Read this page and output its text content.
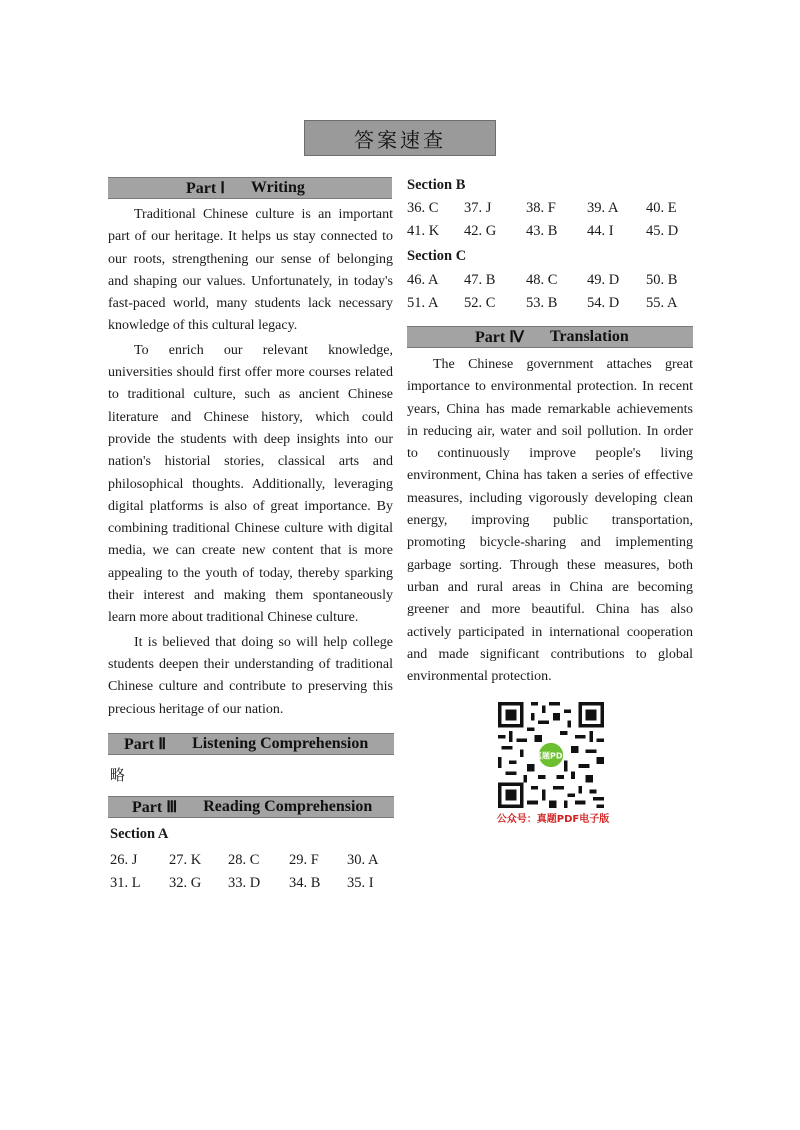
答案速查
Part Ⅰ Writing

Traditional Chinese culture is an important part of our heritage. It helps us stay connected to our roots, strengthening our sense of belonging and shaping our values. Unfortunately, in today's fast-paced world, many students lack necessary knowledge of this cultural legacy.

To enrich our relevant knowledge, universities should first offer more courses related to traditional culture, such as ancient Chinese literature and Chinese history, which could provide the students with deep insights into our nation's historial stories, classical arts and philosophical thoughts. Additionally, leveraging digital platforms is also of great importance. By combining traditional Chinese culture with digital media, we can create new content that is more appealing to the youth of today, thereby sparking their interest and making them spontaneously learn more about traditional Chinese culture.

It is believed that doing so will help college students deepen their understanding of traditional Chinese culture and contribute to preserving this precious heritage of our nation.

Part Ⅱ Listening Comprehension
略
Part Ⅲ Reading Comprehension
Section A
26. J	27. K	28. C	29. F	30. A
31. L	32. G	33. D	34. B	35. I
Section B
36. C	37. J	38. F	39. A	40. E
41. K	42. G	43. B	44. I	45. D
Section C
46. A	47. B	48. C	49. D	50. B
51. A	52. C	53. B	54. D	55. A
Part Ⅳ Translation

The Chinese government attaches great importance to environmental protection. In recent years, China has made remarkable achievements in reducing air, water and soil pollution. In order to continuously improve people's living environment, China has taken a series of effective measures, including vigorously developing clean energy, improving public transportation, promoting bicycle-sharing and implementing garbage sorting. Through these measures, both urban and rural areas in China are becoming greener and more beautiful. China has also actively participated in international cooperation and made significant contributions to global environmental protection.

真题PDF
公众号：真题PDF电子版
